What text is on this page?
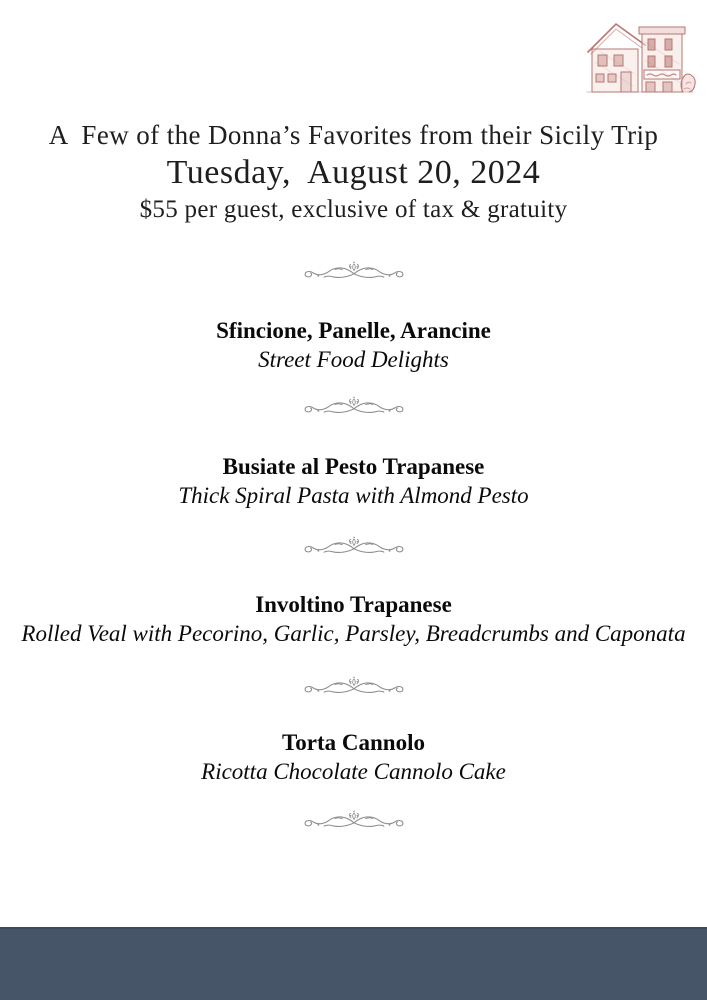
A  Few of the Donna’s Favorites from their Sicily Trip
Tuesday,  August 20, 2024
$55 per guest, exclusive of tax & gratuity
Sfincione, Panelle, Arancine
Street Food Delights
Busiate al Pesto Trapanese
Thick Spiral Pasta with Almond Pesto
Involtino Trapanese
Rolled Veal with Pecorino, Garlic, Parsley, Breadcrumbs and Caponata
Torta Cannolo
Ricotta Chocolate Cannolo Cake
